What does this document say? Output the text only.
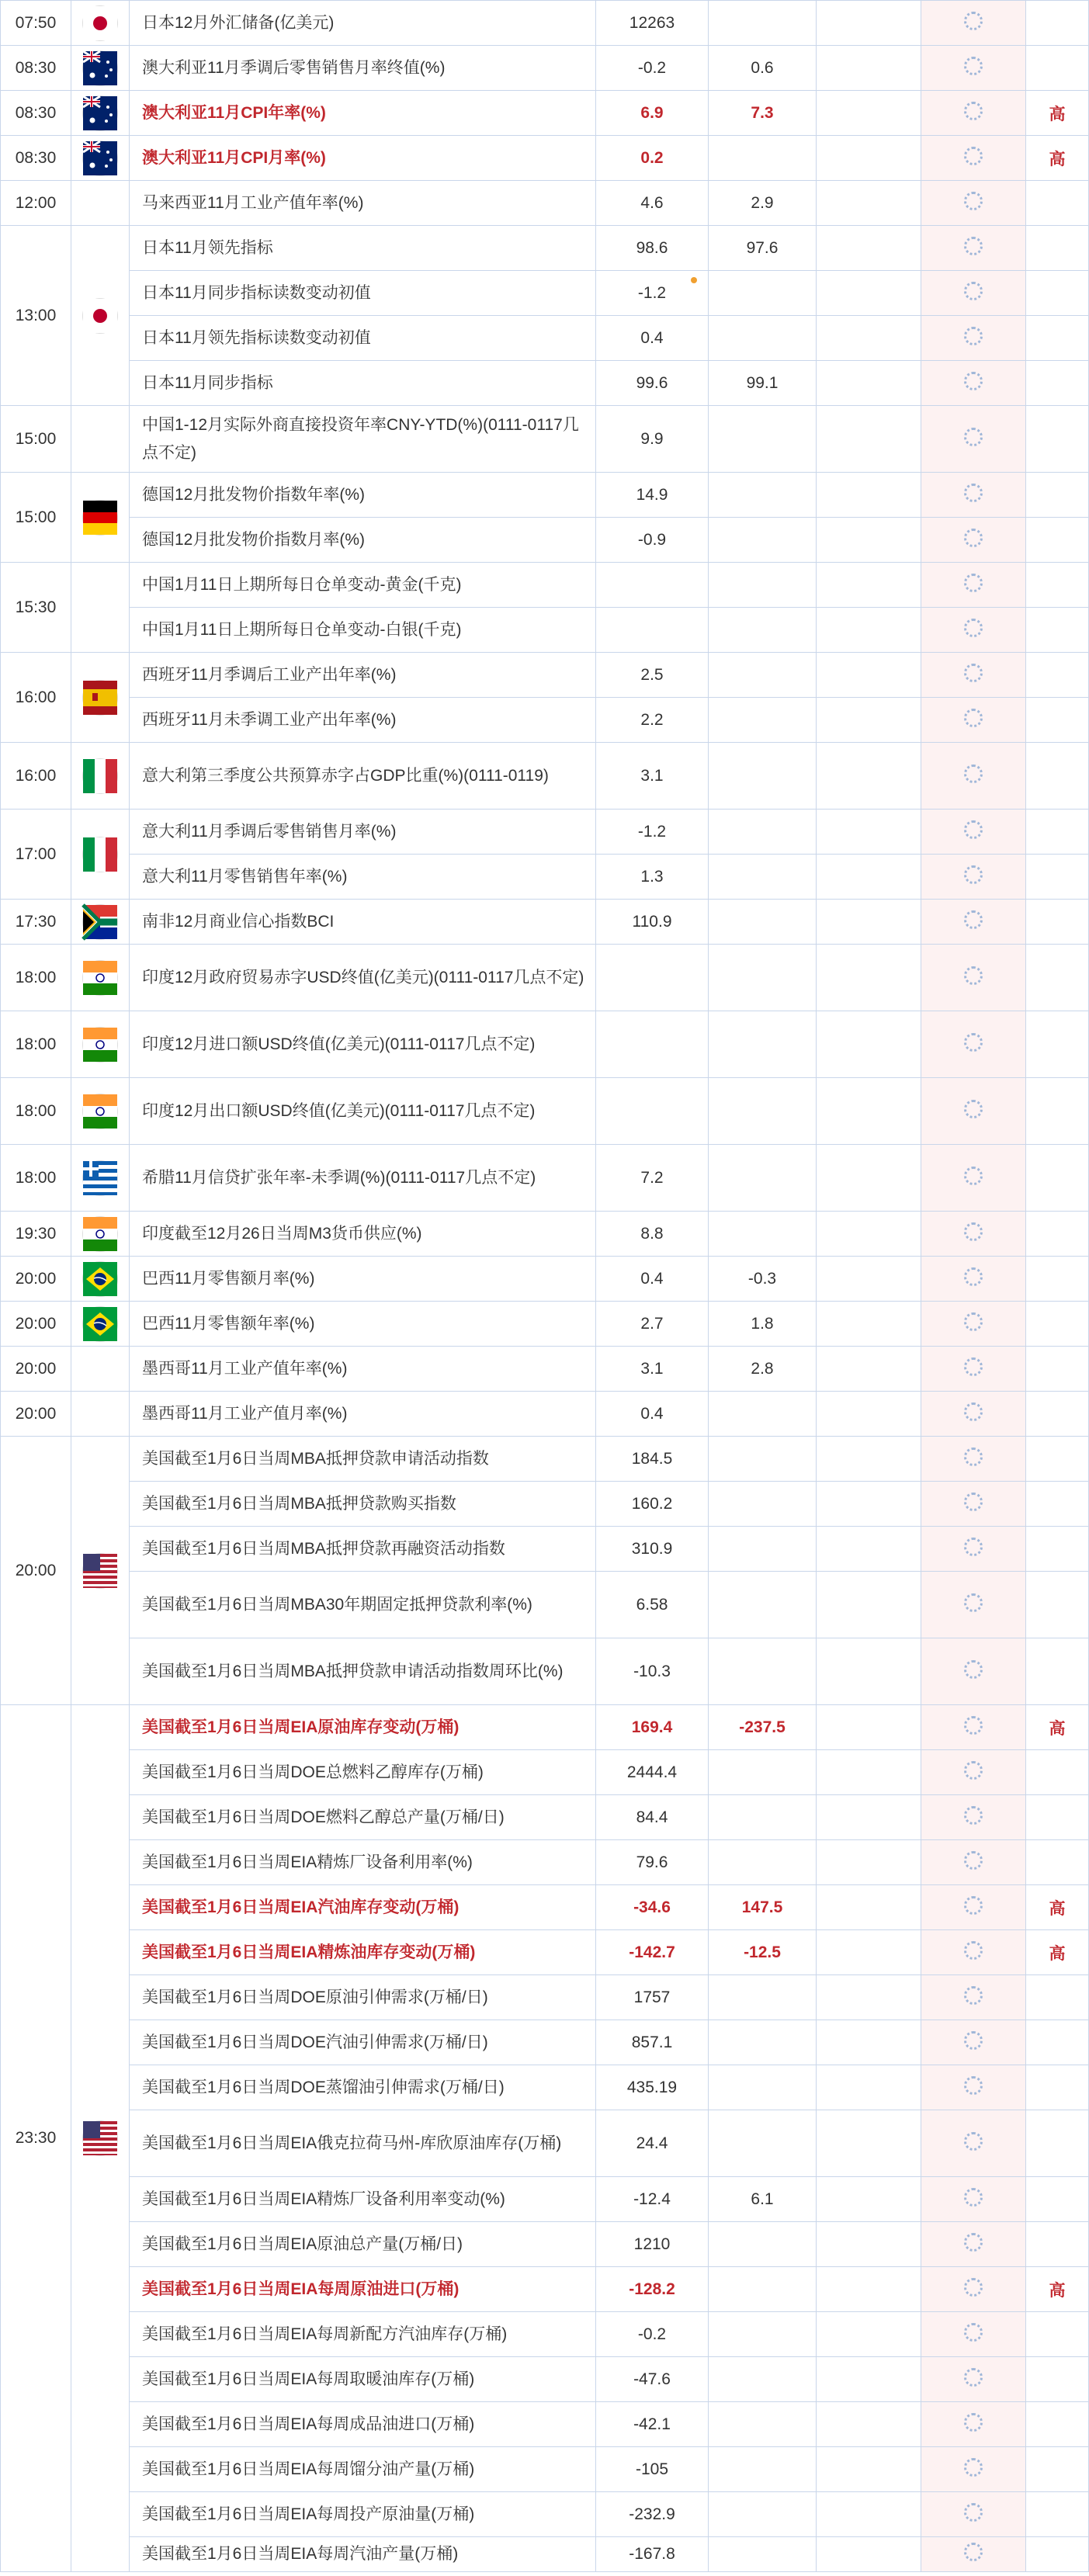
07:50		日本12月外汇储备(亿美元)	12263				
08:30		澳大利亚11月季调后零售销售月率终值(%)	-0.2	0.6			
08:30		澳大利亚11月CPI年率(%)	6.9	7.3			高
08:30		澳大利亚11月CPI月率(%)	0.2				高
12:00		马来西亚11月工业产值年率(%)	4.6	2.9			
13:00		日本11月领先指标	98.6	97.6			

		日本11月同步指标读数变动初值	-1.2

		日本11月领先指标读数变动初值	0.4				

		日本11月同步指标	99.6	99.1			
15:00		中国1-12月实际外商直接投资年率CNY-YTD(%)(0111-0117几点不定)	9.9				
15:00		德国12月批发物价指数年率(%)	14.9				

		德国12月批发物价指数月率(%)	-0.9				
15:30		中国1月11日上期所每日仓单变动-黄金(千克)					

		中国1月11日上期所每日仓单变动-白银(千克)					

16:00		西班牙11月季调后工业产出年率(%)	2.5				

		西班牙11月未季调工业产出年率(%)	2.2				
16:00		意大利第三季度公共预算赤字占GDP比重(%)(0111-0119)	3.1				
17:00		意大利11月季调后零售销售月率(%)	-1.2				

		意大利11月零售销售年率(%)	1.3				
17:30		南非12月商业信心指数BCI	110.9				
18:00		印度12月政府贸易赤字USD终值(亿美元)(0111-0117几点不定)					

18:00		印度12月进口额USD终值(亿美元)(0111-0117几点不定)					

18:00		印度12月出口额USD终值(亿美元)(0111-0117几点不定)					

18:00		希腊11月信贷扩张年率-未季调(%)(0111-0117几点不定)	7.2				
19:30		印度截至12月26日当周M3货币供应(%)	8.8				
20:00		巴西11月零售额月率(%)	0.4	-0.3			
20:00		巴西11月零售额年率(%)	2.7	1.8			
20:00		墨西哥11月工业产值年率(%)	3.1	2.8			
20:00		墨西哥11月工业产值月率(%)	0.4				
20:00		美国截至1月6日当周MBA抵押贷款申请活动指数	184.5				

		美国截至1月6日当周MBA抵押贷款购买指数	160.2				

		美国截至1月6日当周MBA抵押贷款再融资活动指数	310.9				

		美国截至1月6日当周MBA30年期固定抵押贷款利率(%)	6.58				

		美国截至1月6日当周MBA抵押贷款申请活动指数周环比(%)	-10.3				
23:30		美国截至1月6日当周EIA原油库存变动(万桶)	169.4	-237.5			高

		美国截至1月6日当周DOE总燃料乙醇库存(万桶)	2444.4				

		美国截至1月6日当周DOE燃料乙醇总产量(万桶/日)	84.4				

		美国截至1月6日当周EIA精炼厂设备利用率(%)	79.6				

		美国截至1月6日当周EIA汽油库存变动(万桶)	-34.6	147.5			高

		美国截至1月6日当周EIA精炼油库存变动(万桶)	-142.7	-12.5			高

		美国截至1月6日当周DOE原油引伸需求(万桶/日)	1757				

		美国截至1月6日当周DOE汽油引伸需求(万桶/日)	857.1				

		美国截至1月6日当周DOE蒸馏油引伸需求(万桶/日)	435.19				

		美国截至1月6日当周EIA俄克拉荷马州-库欣原油库存(万桶)	24.4				

		美国截至1月6日当周EIA精炼厂设备利用率变动(%)	-12.4	6.1			

		美国截至1月6日当周EIA原油总产量(万桶/日)	1210				

		美国截至1月6日当周EIA每周原油进口(万桶)	-128.2				高

		美国截至1月6日当周EIA每周新配方汽油库存(万桶)	-0.2				

		美国截至1月6日当周EIA每周取暖油库存(万桶)	-47.6				

		美国截至1月6日当周EIA每周成品油进口(万桶)	-42.1				

		美国截至1月6日当周EIA每周馏分油产量(万桶)	-105				

		美国截至1月6日当周EIA每周投产原油量(万桶)	-232.9				

		美国截至1月6日当周EIA每周汽油产量(万桶)	-167.8				
